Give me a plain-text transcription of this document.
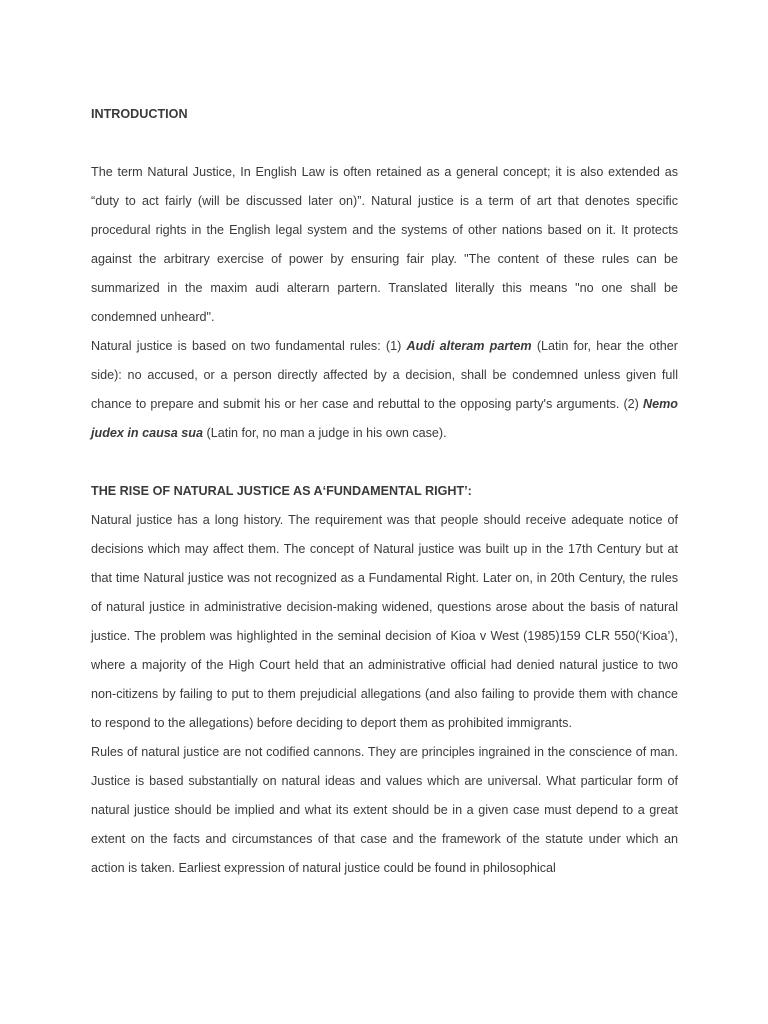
INTRODUCTION

The term Natural Justice, In English Law is often retained as a general concept; it is also extended as “duty to act fairly (will be discussed later on)”. Natural justice is a term of art that denotes specific procedural rights in the English legal system and the systems of other nations based on it. It protects against the arbitrary exercise of power by ensuring fair play. "The content of these rules can be summarized in the maxim audi alterarn partern. Translated literally this means "no one shall be condemned unheard".

Natural justice is based on two fundamental rules: (1) Audi alteram partem (Latin for, hear the other side): no accused, or a person directly affected by a decision, shall be condemned unless given full chance to prepare and submit his or her case and rebuttal to the opposing party's arguments. (2) Nemo judex in causa sua (Latin for, no man a judge in his own case).

THE RISE OF NATURAL JUSTICE AS A‘FUNDAMENTAL RIGHT’:

Natural justice has a long history. The requirement was that people should receive adequate notice of decisions which may affect them. The concept of Natural justice was built up in the 17th Century but at that time Natural justice was not recognized as a Fundamental Right. Later on, in 20th Century, the rules of natural justice in administrative decision-making widened, questions arose about the basis of natural justice. The problem was highlighted in the seminal decision of Kioa v West (1985)159 CLR 550(‘Kioa’), where a majority of the High Court held that an administrative official had denied natural justice to two non-citizens by failing to put to them prejudicial allegations (and also failing to provide them with chance to respond to the allegations) before deciding to deport them as prohibited immigrants.

Rules of natural justice are not codified cannons. They are principles ingrained in the conscience of man. Justice is based substantially on natural ideas and values which are universal. What particular form of natural justice should be implied and what its extent should be in a given case must depend to a great extent on the facts and circumstances of that case and the framework of the statute under which an action is taken. Earliest expression of natural justice could be found in philosophical
